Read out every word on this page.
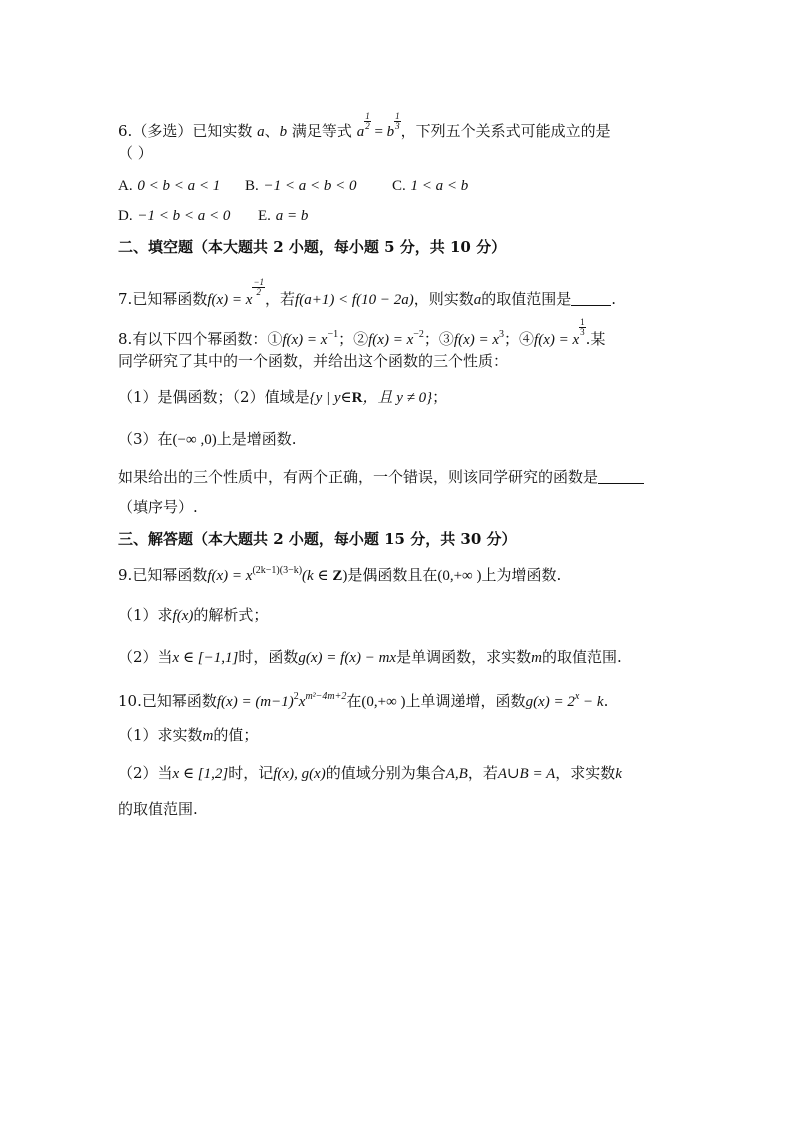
6.（多选）已知实数 a、b 满足等式 a
$\frac{1}{2}$
= b
$\frac{1}{3}$
，下列五个关系式可能成立的是
（ ）
A. 0 < b < a < 1 B. −1 < a < b < 0 C. 1 < a < b
D. −1 < b < a < 0 E. a = b
二、填空题（本大题共 2 小题，每小题 5 分，共 10 分）
7.已知幂函数f(x) = x
$\frac{-1}{2}$
，若f(a+1) < f(10 − 2a)，则实数a的取值范围是	.
8.有以下四个幂函数：①f(x) = $x^{-1}$；②f(x) = $x^{-2}$；③f(x) = $x^3$；④f(x) = x
$\frac{1}{3}$
.某
同学研究了其中的一个函数，并给出这个函数的三个性质：
（1）是偶函数；（2）值域是{y | y∈R，且 y ≠ 0}；
（3）在(−∞ ,0)上是增函数.
如果给出的三个性质中，有两个正确，一个错误，则该同学研究的函数是
（填序号）.
三、解答题（本大题共 2 小题，每小题 15 分，共 30 分）
9.已知幂函数$f(x) = x^{(2k-1)(3-k)}(k$ ∈ Z)是偶函数且在(0,+∞ )上为增函数.
（1）求f(x)的解析式；
（2）当x ∈ [−1,1]时，函数g(x) = f(x) − mx是单调函数，求实数m的取值范围.
10.已知幂函数$f(x) = (m-1)^2x^{m^2-4m+2}$在(0,+∞ )上单调递增，函数$g(x) = 2^x - k$.
（1）求实数m的值；
（2）当x ∈ [1,2]时，记f(x), g(x)的值域分别为集合A,B，若A∪B = A，求实数k
的取值范围.
